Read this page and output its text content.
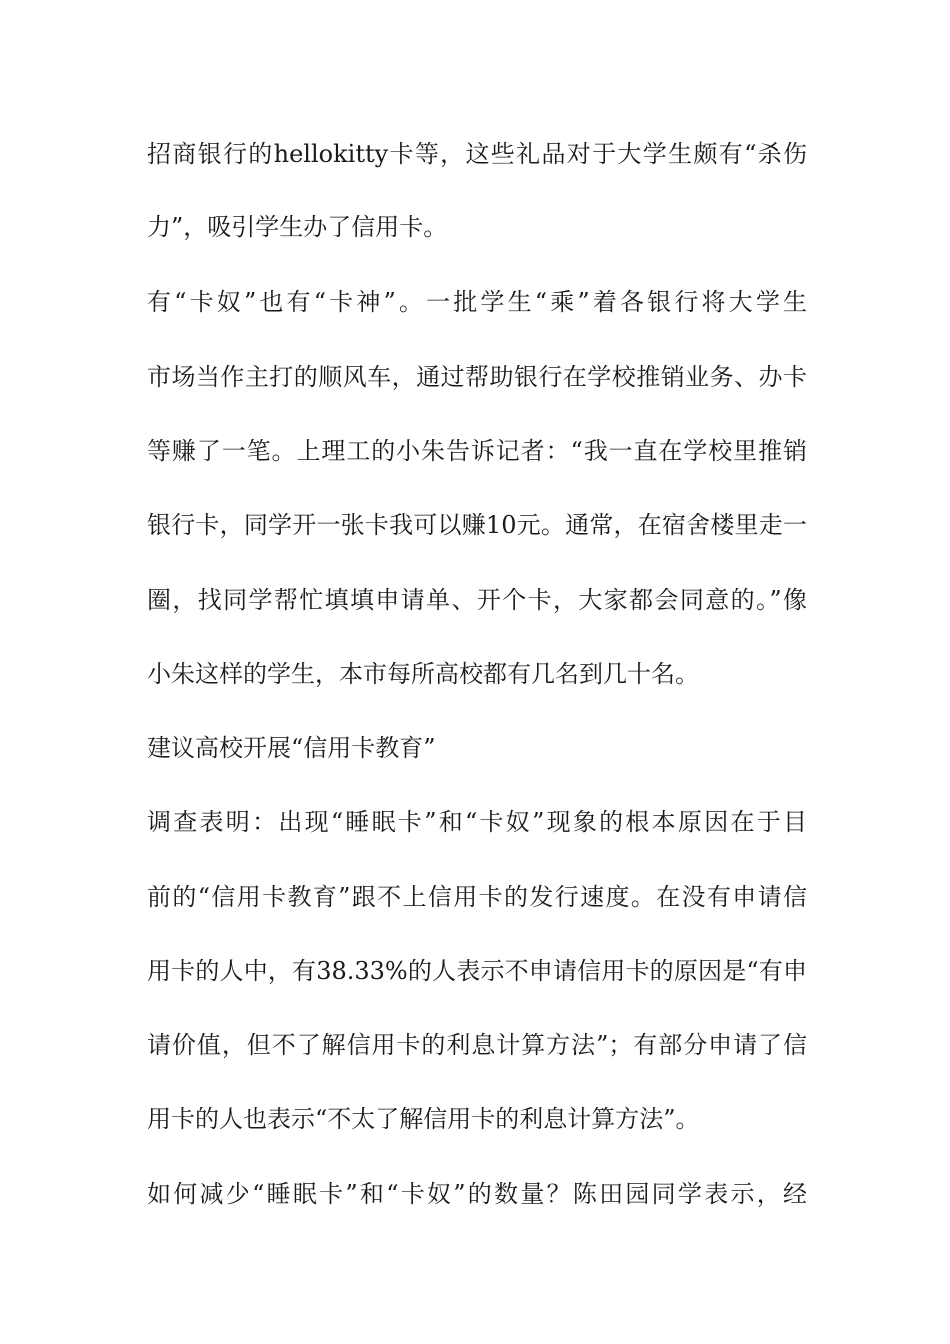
招商银行的hellokitty卡等，这些礼品对于大学生颇有“杀伤
力”，吸引学生办了信用卡。
有“卡奴”也有“卡神”。一批学生“乘”着各银行将大学生
市场当作主打的顺风车，通过帮助银行在学校推销业务、办卡
等赚了一笔。上理工的小朱告诉记者：“我一直在学校里推销
银行卡，同学开一张卡我可以赚10元。通常，在宿舍楼里走一
圈，找同学帮忙填填申请单、开个卡，大家都会同意的。”像
小朱这样的学生，本市每所高校都有几名到几十名。
建议高校开展“信用卡教育”
调查表明：出现“睡眠卡”和“卡奴”现象的根本原因在于目
前的“信用卡教育”跟不上信用卡的发行速度。在没有申请信
用卡的人中，有38.33%的人表示不申请信用卡的原因是“有申
请价值，但不了解信用卡的利息计算方法”；有部分申请了信
用卡的人也表示“不太了解信用卡的利息计算方法”。
如何减少“睡眠卡”和“卡奴”的数量？陈田园同学表示，经
